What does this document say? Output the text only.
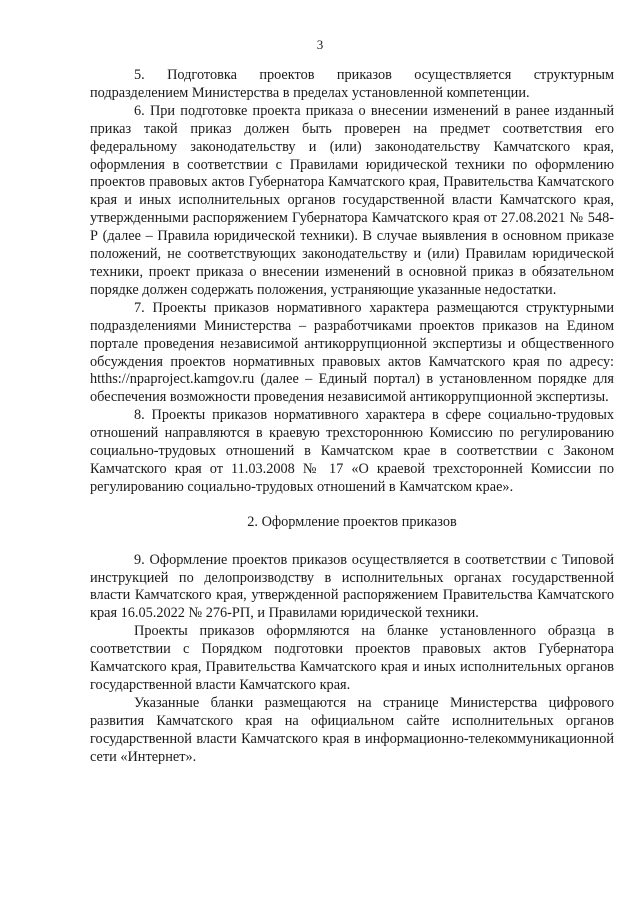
3

5. Подготовка проектов приказов осуществляется структурным подразделением Министерства в пределах установленной компетенции.

6. При подготовке проекта приказа о внесении изменений в ранее изданный приказ такой приказ должен быть проверен на предмет соответствия его федеральному законодательству и (или) законодательству Камчатского края, оформления в соответствии с Правилами юридической техники по оформлению проектов правовых актов Губернатора Камчатского края, Правительства Камчатского края и иных исполнительных органов государственной власти Камчатского края, утвержденными распоряжением Губернатора Камчатского края от 27.08.2021 № 548-Р (далее – Правила юридической техники). В случае выявления в основном приказе положений, не соответствующих законодательству и (или) Правилам юридической техники, проект приказа о внесении изменений в основной приказ в обязательном порядке должен содержать положения, устраняющие указанные недостатки.

7. Проекты приказов нормативного характера размещаются структурными подразделениями Министерства – разработчиками проектов приказов на Едином портале проведения независимой антикоррупционной экспертизы и общественного обсуждения проектов нормативных правовых актов Камчатского края по адресу: htths://npaproject.kamgov.ru (далее – Единый портал) в установленном порядке для обеспечения возможности проведения независимой антикоррупционной экспертизы.

8. Проекты приказов нормативного характера в сфере социально-трудовых отношений направляются в краевую трехстороннюю Комиссию по регулированию социально-трудовых отношений в Камчатском крае в соответствии с Законом Камчатского края от 11.03.2008 № 17 «О краевой трехсторонней Комиссии по регулированию социально-трудовых отношений в Камчатском крае».

2. Оформление проектов приказов

9. Оформление проектов приказов осуществляется в соответствии с Типовой инструкцией по делопроизводству в исполнительных органах государственной власти Камчатского края, утвержденной распоряжением Правительства Камчатского края 16.05.2022 № 276-РП, и Правилами юридической техники.

Проекты приказов оформляются на бланке установленного образца в соответствии с Порядком подготовки проектов правовых актов Губернатора Камчатского края, Правительства Камчатского края и иных исполнительных органов государственной власти Камчатского края.

Указанные бланки размещаются на странице Министерства цифрового развития Камчатского края на официальном сайте исполнительных органов государственной власти Камчатского края в информационно-телекоммуникационной сети «Интернет».
